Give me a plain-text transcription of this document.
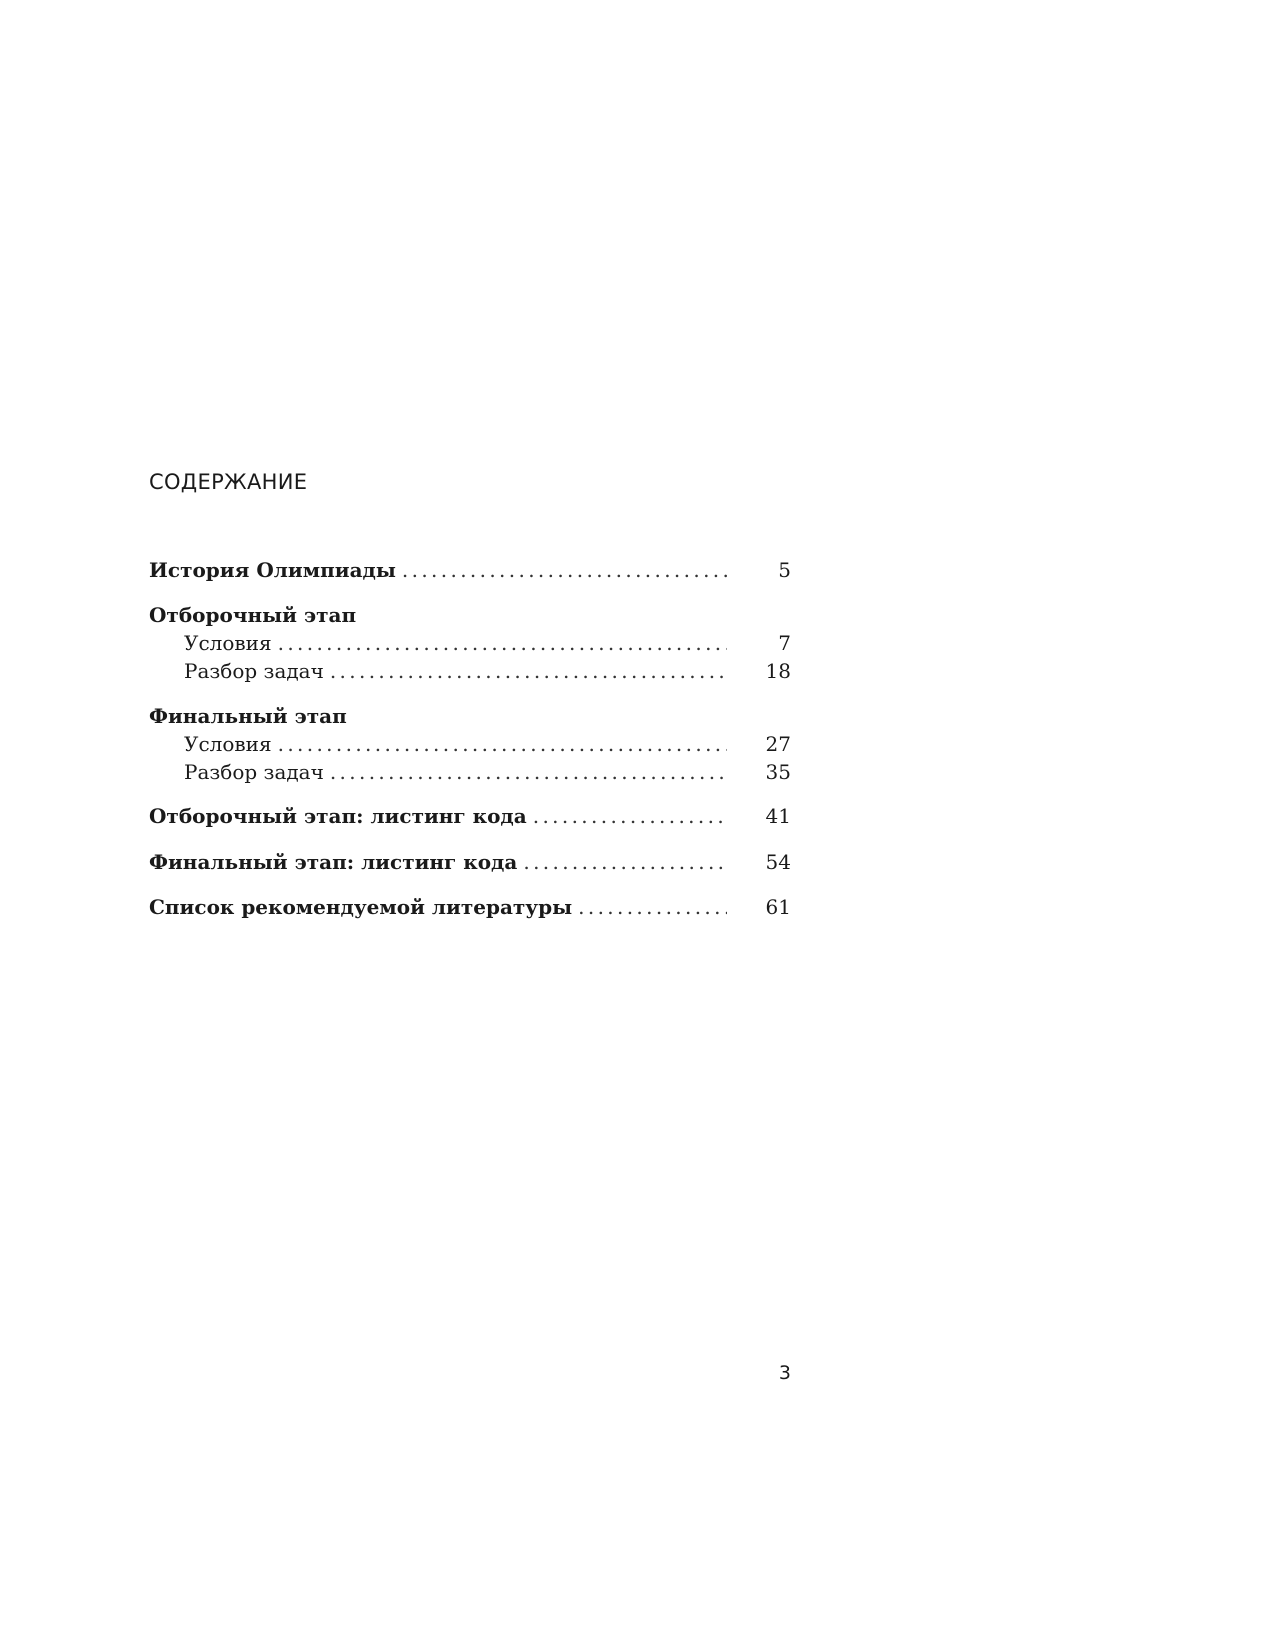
СОДЕРЖАНИЕ
История Олимпиады . . .	5
Отборочный этап
Условия . . .	7
Разбор задач . . .	18
Финальный этап
Условия . . .	27
Разбор задач . . .	35
Отборочный этап: листинг кода . . .	41
Финальный этап: листинг кода . . .	54
Список рекомендуемой литературы . . .	61
3
